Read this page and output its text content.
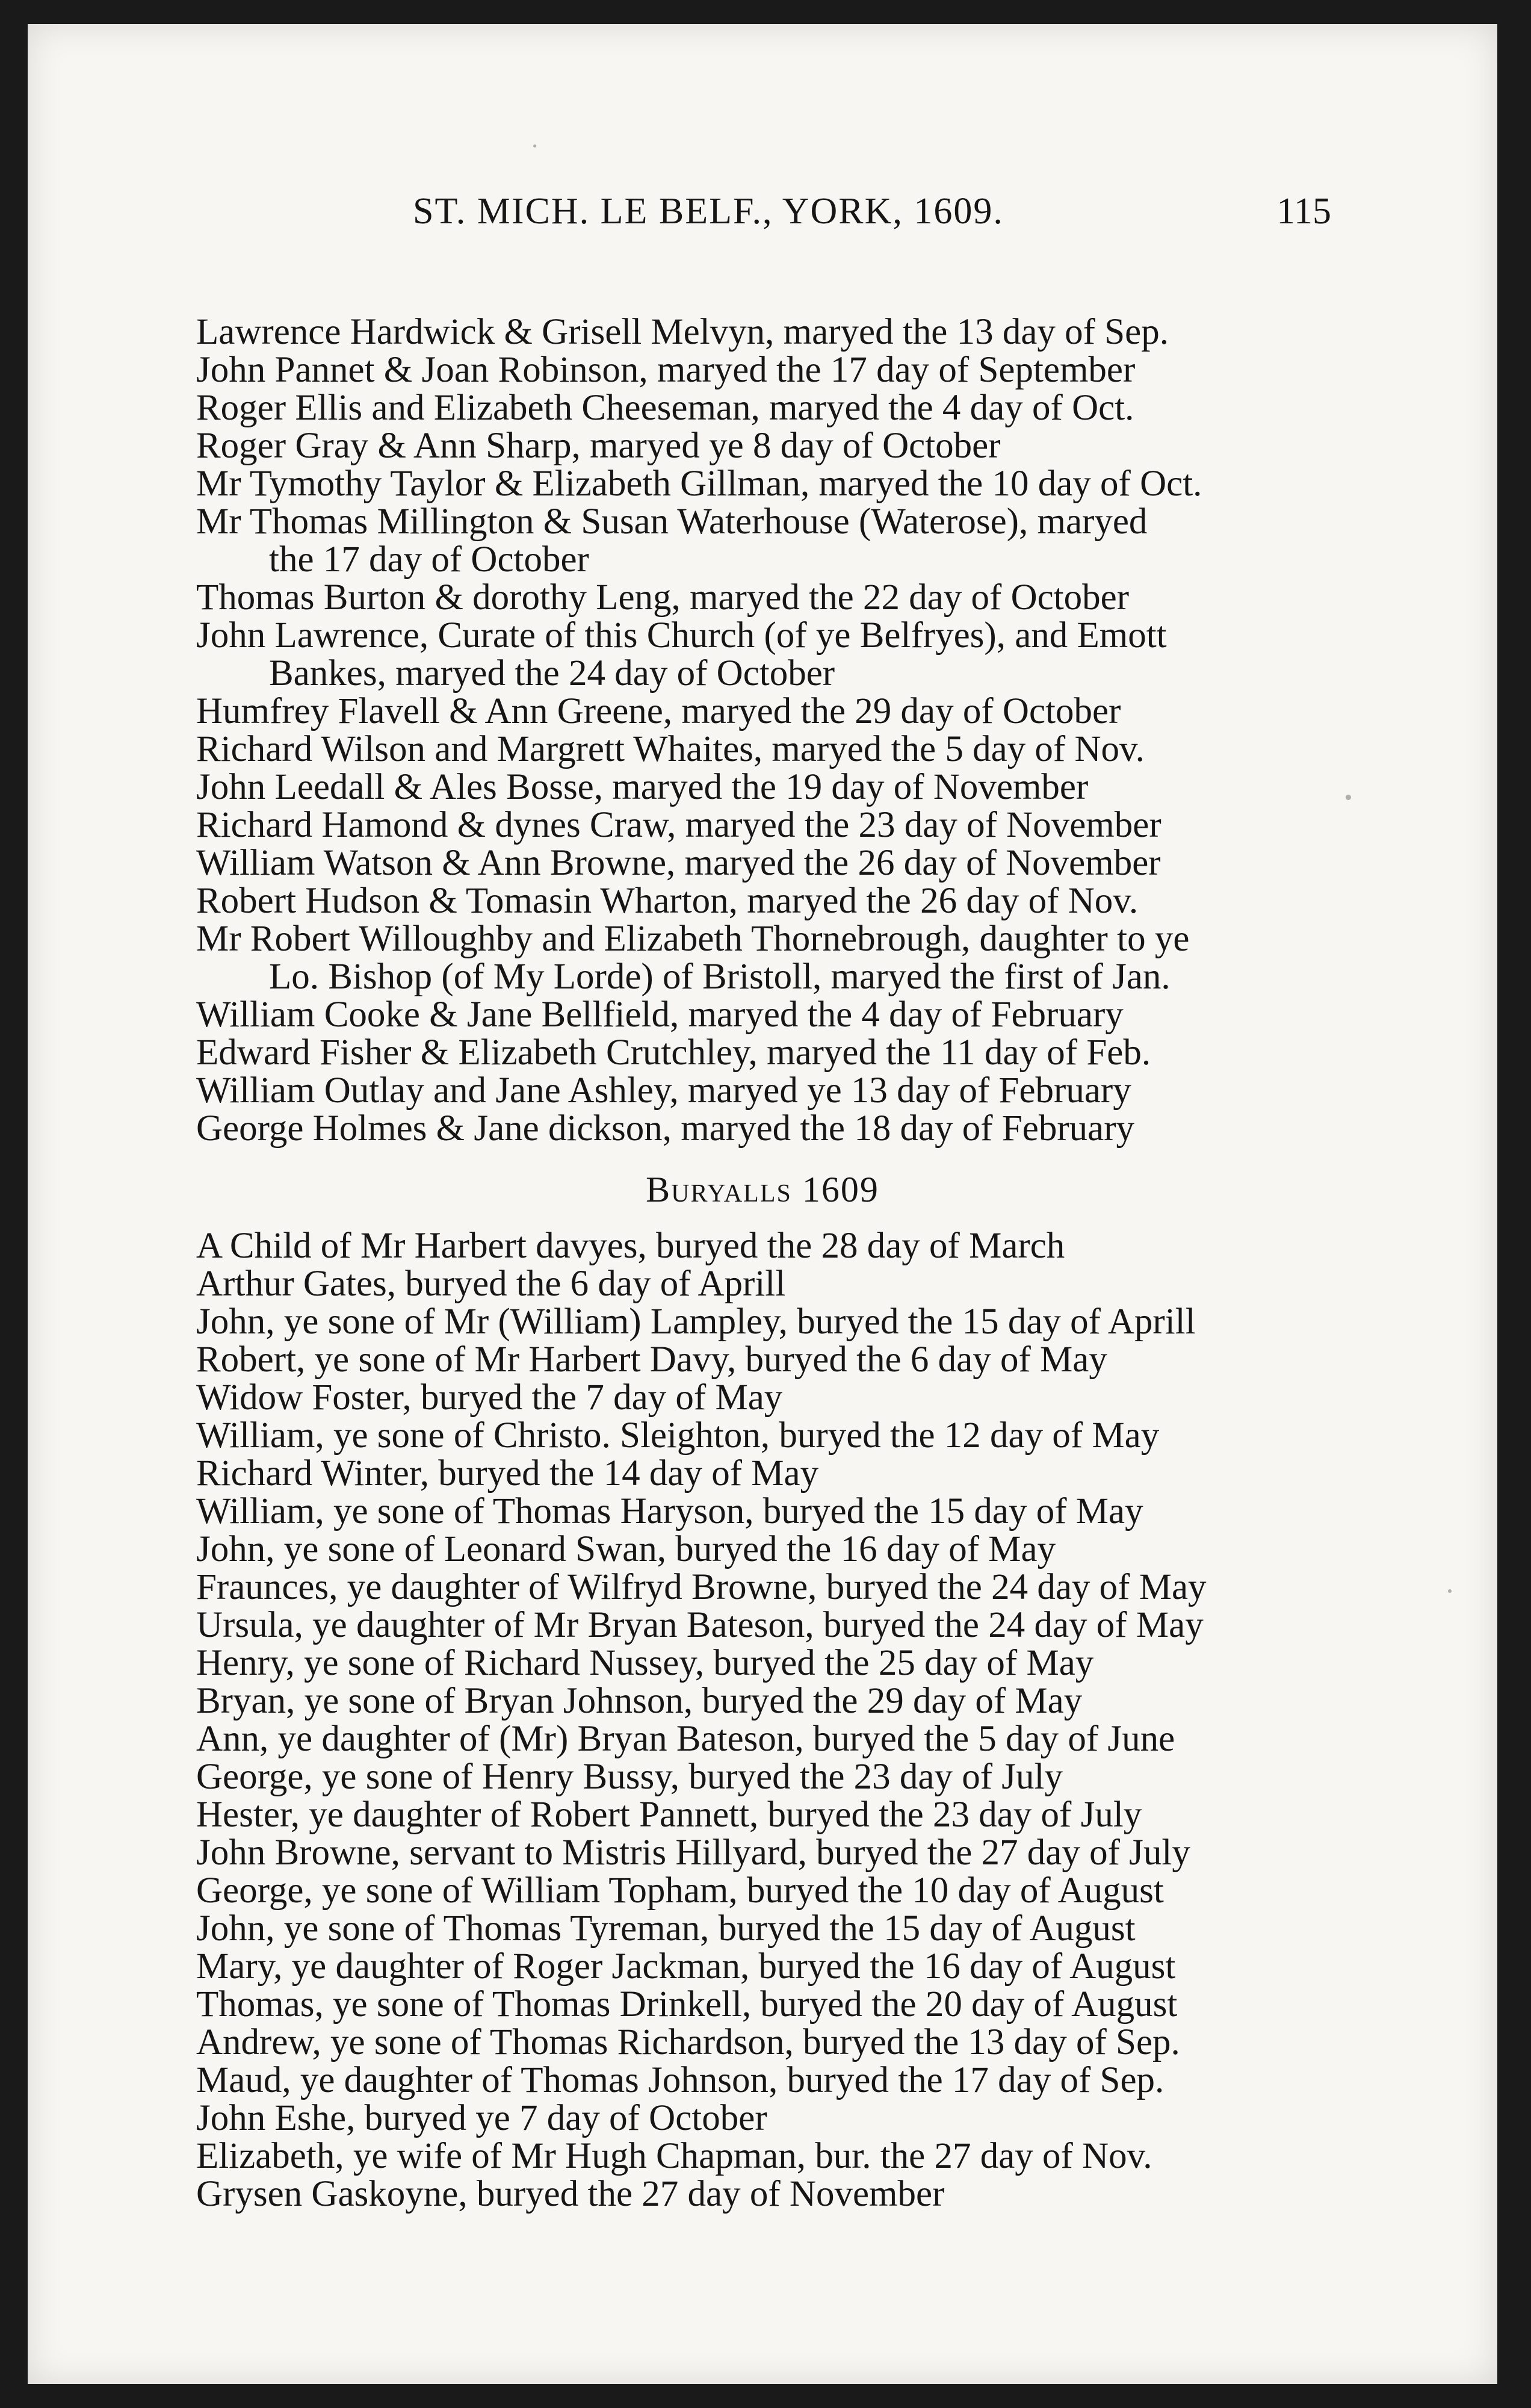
ST. MICH. LE BELF., YORK, 1609.	115
Lawrence Hardwick & Grisell Melvyn, maryed the 13 day of Sep.
John Pannet & Joan Robinson, maryed the 17 day of September
Roger Ellis and Elizabeth Cheeseman, maryed the 4 day of Oct.
Roger Gray & Ann Sharp, maryed ye 8 day of October
Mr Tymothy Taylor & Elizabeth Gillman, maryed the 10 day of Oct.
Mr Thomas Millington & Susan Waterhouse (Waterose), maryed
the 17 day of October
Thomas Burton & dorothy Leng, maryed the 22 day of October
John Lawrence, Curate of this Church (of ye Belfryes), and Emott
Bankes, maryed the 24 day of October
Humfrey Flavell & Ann Greene, maryed the 29 day of October
Richard Wilson and Margrett Whaites, maryed the 5 day of Nov.
John Leedall & Ales Bosse, maryed the 19 day of November
Richard Hamond & dynes Craw, maryed the 23 day of November
William Watson & Ann Browne, maryed the 26 day of November
Robert Hudson & Tomasin Wharton, maryed the 26 day of Nov.
Mr Robert Willoughby and Elizabeth Thornebrough, daughter to ye
Lo. Bishop (of My Lorde) of Bristoll, maryed the first of Jan.
William Cooke & Jane Bellfield, maryed the 4 day of February
Edward Fisher & Elizabeth Crutchley, maryed the 11 day of Feb.
William Outlay and Jane Ashley, maryed ye 13 day of February
George Holmes & Jane dickson, maryed the 18 day of February
Buryalls 1609
A Child of Mr Harbert davyes, buryed the 28 day of March
Arthur Gates, buryed the 6 day of Aprill
John, ye sone of Mr (William) Lampley, buryed the 15 day of Aprill
Robert, ye sone of Mr Harbert Davy, buryed the 6 day of May
Widow Foster, buryed the 7 day of May
William, ye sone of Christo. Sleighton, buryed the 12 day of May
Richard Winter, buryed the 14 day of May
William, ye sone of Thomas Haryson, buryed the 15 day of May
John, ye sone of Leonard Swan, buryed the 16 day of May
Fraunces, ye daughter of Wilfryd Browne, buryed the 24 day of May
Ursula, ye daughter of Mr Bryan Bateson, buryed the 24 day of May
Henry, ye sone of Richard Nussey, buryed the 25 day of May
Bryan, ye sone of Bryan Johnson, buryed the 29 day of May
Ann, ye daughter of (Mr) Bryan Bateson, buryed the 5 day of June
George, ye sone of Henry Bussy, buryed the 23 day of July
Hester, ye daughter of Robert Pannett, buryed the 23 day of July
John Browne, servant to Mistris Hillyard, buryed the 27 day of July
George, ye sone of William Topham, buryed the 10 day of August
John, ye sone of Thomas Tyreman, buryed the 15 day of August
Mary, ye daughter of Roger Jackman, buryed the 16 day of August
Thomas, ye sone of Thomas Drinkell, buryed the 20 day of August
Andrew, ye sone of Thomas Richardson, buryed the 13 day of Sep.
Maud, ye daughter of Thomas Johnson, buryed the 17 day of Sep.
John Eshe, buryed ye 7 day of October
Elizabeth, ye wife of Mr Hugh Chapman, bur. the 27 day of Nov.
Grysen Gaskoyne, buryed the 27 day of November
